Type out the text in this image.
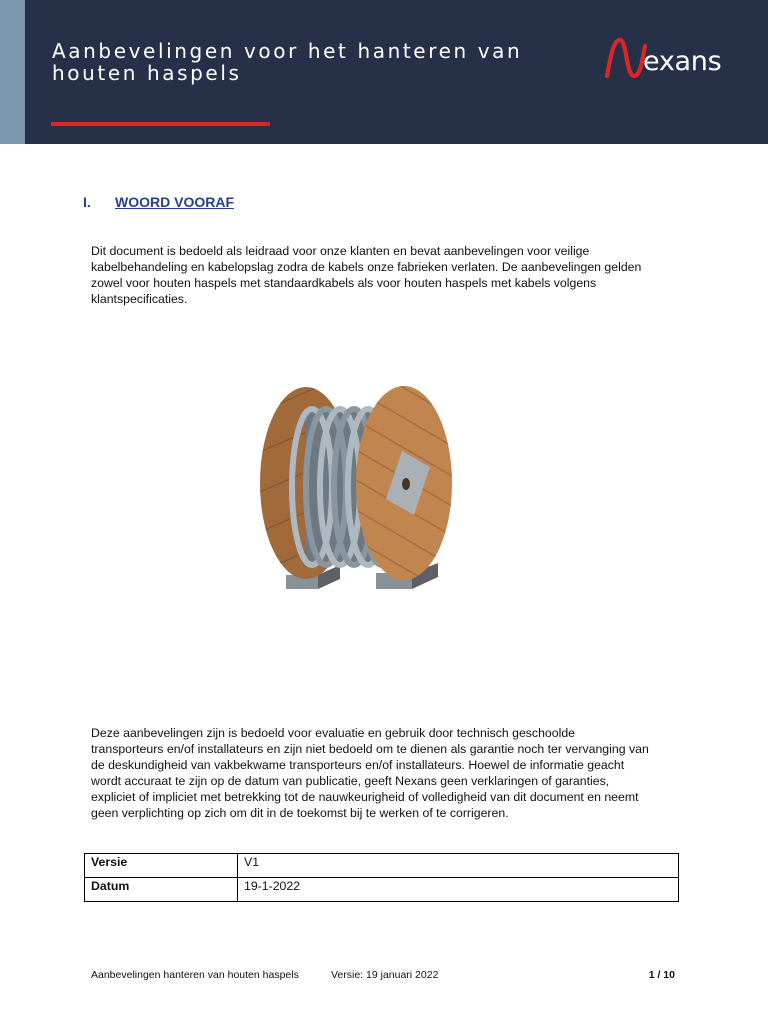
Aanbevelingen voor het hanteren van
houten haspels	exans
I. WOORD VOORAF
Dit document is bedoeld als leidraad voor onze klanten en bevat aanbevelingen voor veilige
kabelbehandeling en kabelopslag zodra de kabels onze fabrieken verlaten. De aanbevelingen gelden
zowel voor houten haspels met standaardkabels als voor houten haspels met kabels volgens
klantspecificaties.
Deze aanbevelingen zijn is bedoeld voor evaluatie en gebruik door technisch geschoolde
transporteurs en/of installateurs en zijn niet bedoeld om te dienen als garantie noch ter vervanging van
de deskundigheid van vakbekwame transporteurs en/of installateurs. Hoewel de informatie geacht
wordt accuraat te zijn op de datum van publicatie, geeft Nexans geen verklaringen of garanties,
expliciet of impliciet met betrekking tot de nauwkeurigheid of volledigheid van dit document en neemt
geen verplichting op zich om dit in de toekomst bij te werken of te corrigeren.
Versie	V1
Datum	19-1-2022
Aanbevelingen hanteren van houten haspels	Versie: 19 januari 2022	1 / 10
